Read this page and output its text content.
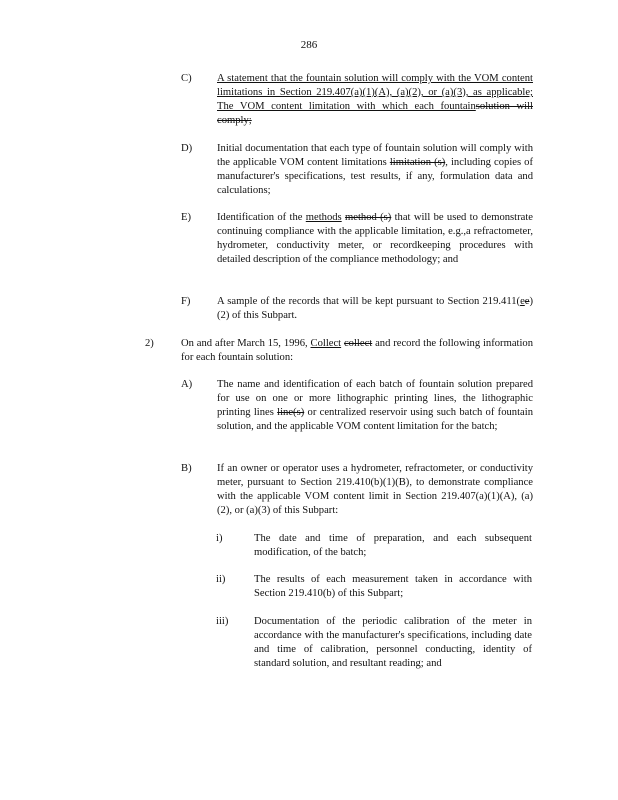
286
C) A statement that the fountain solution will comply with the VOM content limitations in Section 219.407(a)(1)(A), (a)(2), or (a)(3), as applicable; The VOM content limitation with which each fountainsolution will comply;
D) Initial documentation that each type of fountain solution will comply with the applicable VOM content limitations limitation (s), including copies of manufacturer's specifications, test results, if any, formulation data and calculations;
E) Identification of the methods method (s) that will be used to demonstrate continuing compliance with the applicable limitation, e.g.,a refractometer, hydrometer, conductivity meter, or recordkeeping procedures with detailed description of the compliance methodology; and
F)	A sample of the records that will be kept pursuant to Section 219.411(ee)(2) of this Subpart.
2)	On and after March 15, 1996, Collect collect and record the following information for each fountain solution:
A) The name and identification of each batch of fountain solution prepared for use on one or more lithographic printing lines, the lithographic printing lines line(s) or centralized reservoir using such batch of fountain solution, and the applicable VOM content limitation for the batch;
B) If an owner or operator uses a hydrometer, refractometer, or conductivity meter, pursuant to Section 219.410(b)(1)(B), to demonstrate compliance with the applicable VOM content limit in Section 219.407(a)(1)(A), (a)(2), or (a)(3) of this Subpart:
i)	The date and time of preparation, and each subsequent modification, of the batch;
ii)	The results of each measurement taken in accordance with Section 219.410(b) of this Subpart;
iii) Documentation of the periodic calibration of the meter in accordance with the manufacturer's specifications, including date and time of calibration, personnel conducting, identity of standard solution, and resultant reading; and
